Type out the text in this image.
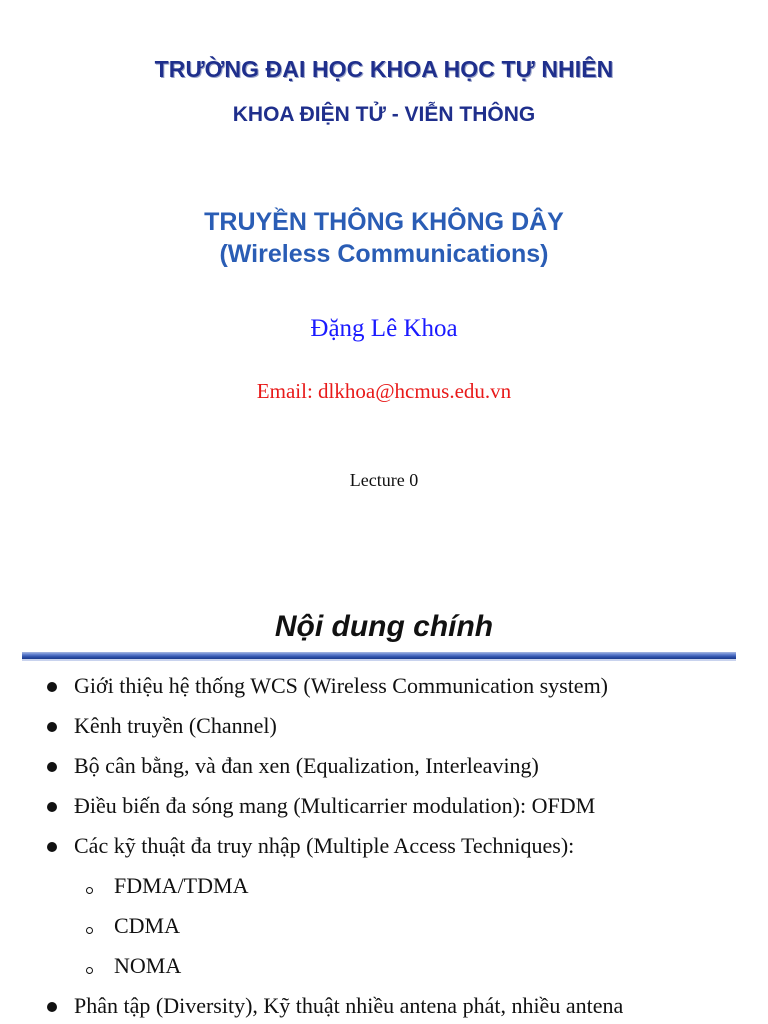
TRƯỜNG ĐẠI HỌC KHOA HỌC TỰ NHIÊN
KHOA ĐIỆN TỬ - VIỄN THÔNG
TRUYỀN THÔNG KHÔNG DÂY
(Wireless Communications)
Đặng Lê Khoa
Email: dlkhoa@hcmus.edu.vn
Lecture 0
Nội dung chính
Giới thiệu hệ thống WCS (Wireless Communication system)
Kênh truyền (Channel)
Bộ cân bằng, và đan xen (Equalization, Interleaving)
Điều biến đa sóng mang (Multicarrier modulation): OFDM
Các kỹ thuật đa truy nhập (Multiple Access Techniques):
FDMA/TDMA
CDMA
NOMA
Phân tập (Diversity), Kỹ thuật nhiều antena phát, nhiều antena
